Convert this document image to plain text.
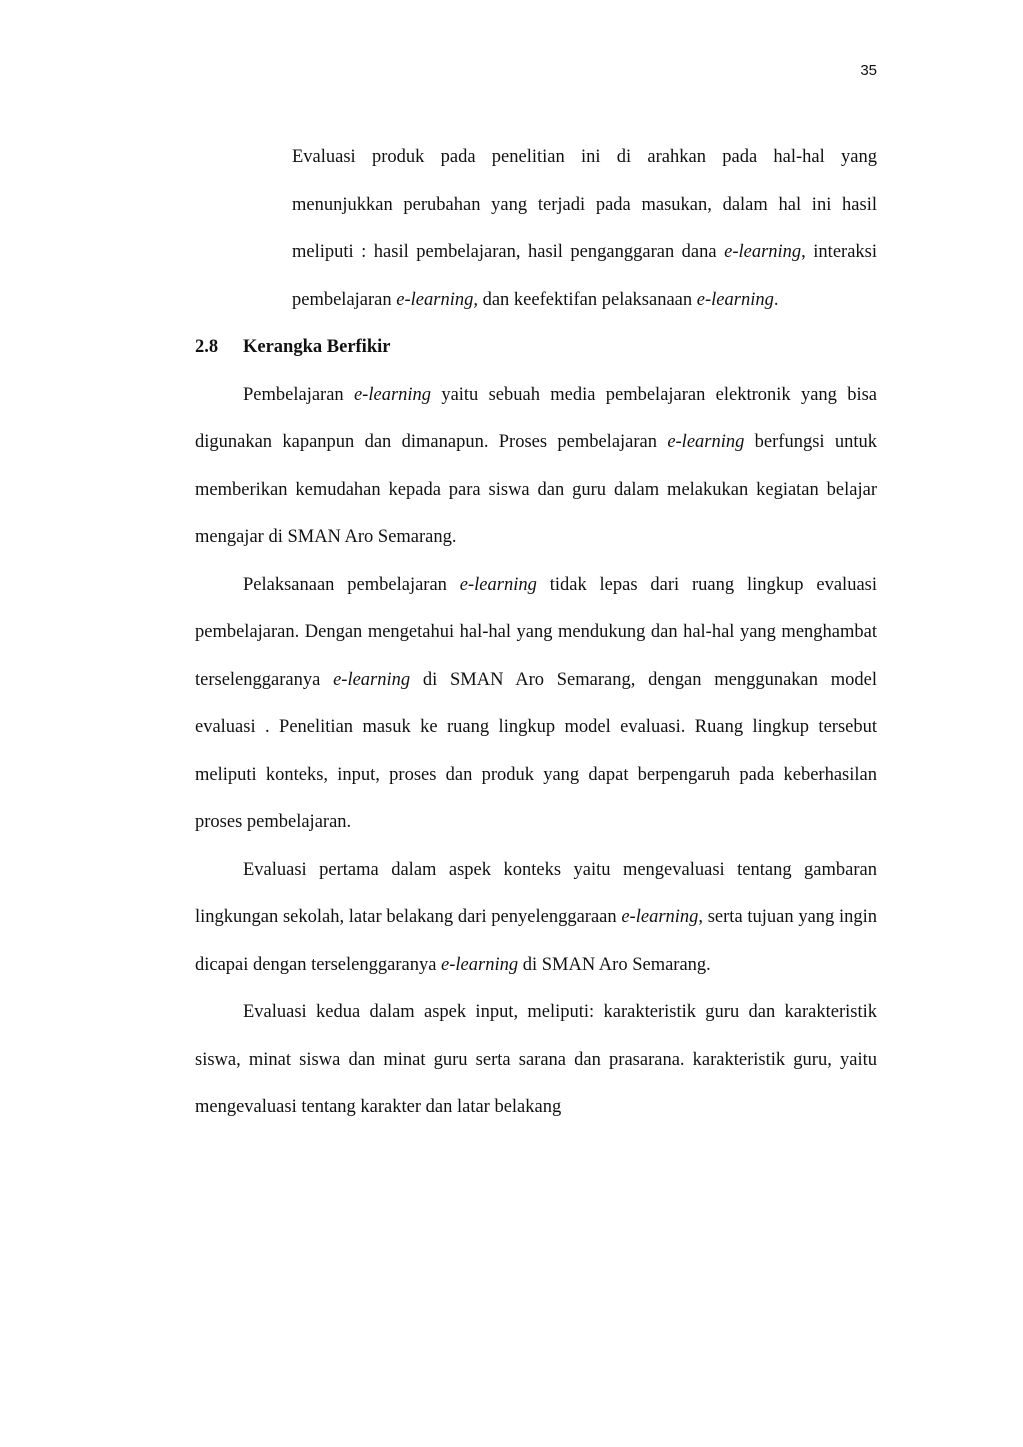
35

Evaluasi produk pada penelitian ini di arahkan pada hal-hal yang menunjukkan perubahan yang terjadi pada masukan, dalam hal ini hasil meliputi : hasil pembelajaran, hasil penganggaran dana e-learning, interaksi pembelajaran e-learning, dan keefektifan pelaksanaan e-learning.

2.8 Kerangka Berfikir

Pembelajaran e-learning yaitu sebuah media pembelajaran elektronik yang bisa digunakan kapanpun dan dimanapun. Proses pembelajaran e-learning berfungsi untuk memberikan kemudahan kepada para siswa dan guru dalam melakukan kegiatan belajar mengajar di SMAN Aro Semarang.

Pelaksanaan pembelajaran e-learning tidak lepas dari ruang lingkup evaluasi pembelajaran. Dengan mengetahui hal-hal yang mendukung dan hal-hal yang menghambat terselenggaranya e-learning di SMAN Aro Semarang, dengan menggunakan model evaluasi . Penelitian masuk ke ruang lingkup model evaluasi. Ruang lingkup tersebut meliputi konteks, input, proses dan produk yang dapat berpengaruh pada keberhasilan proses pembelajaran.

Evaluasi pertama dalam aspek konteks yaitu mengevaluasi tentang gambaran lingkungan sekolah, latar belakang dari penyelenggaraan e-learning, serta tujuan yang ingin dicapai dengan terselenggaranya e-learning di SMAN Aro Semarang.

Evaluasi kedua dalam aspek input, meliputi: karakteristik guru dan karakteristik siswa, minat siswa dan minat guru serta sarana dan prasarana. karakteristik guru, yaitu mengevaluasi tentang karakter dan latar belakang
